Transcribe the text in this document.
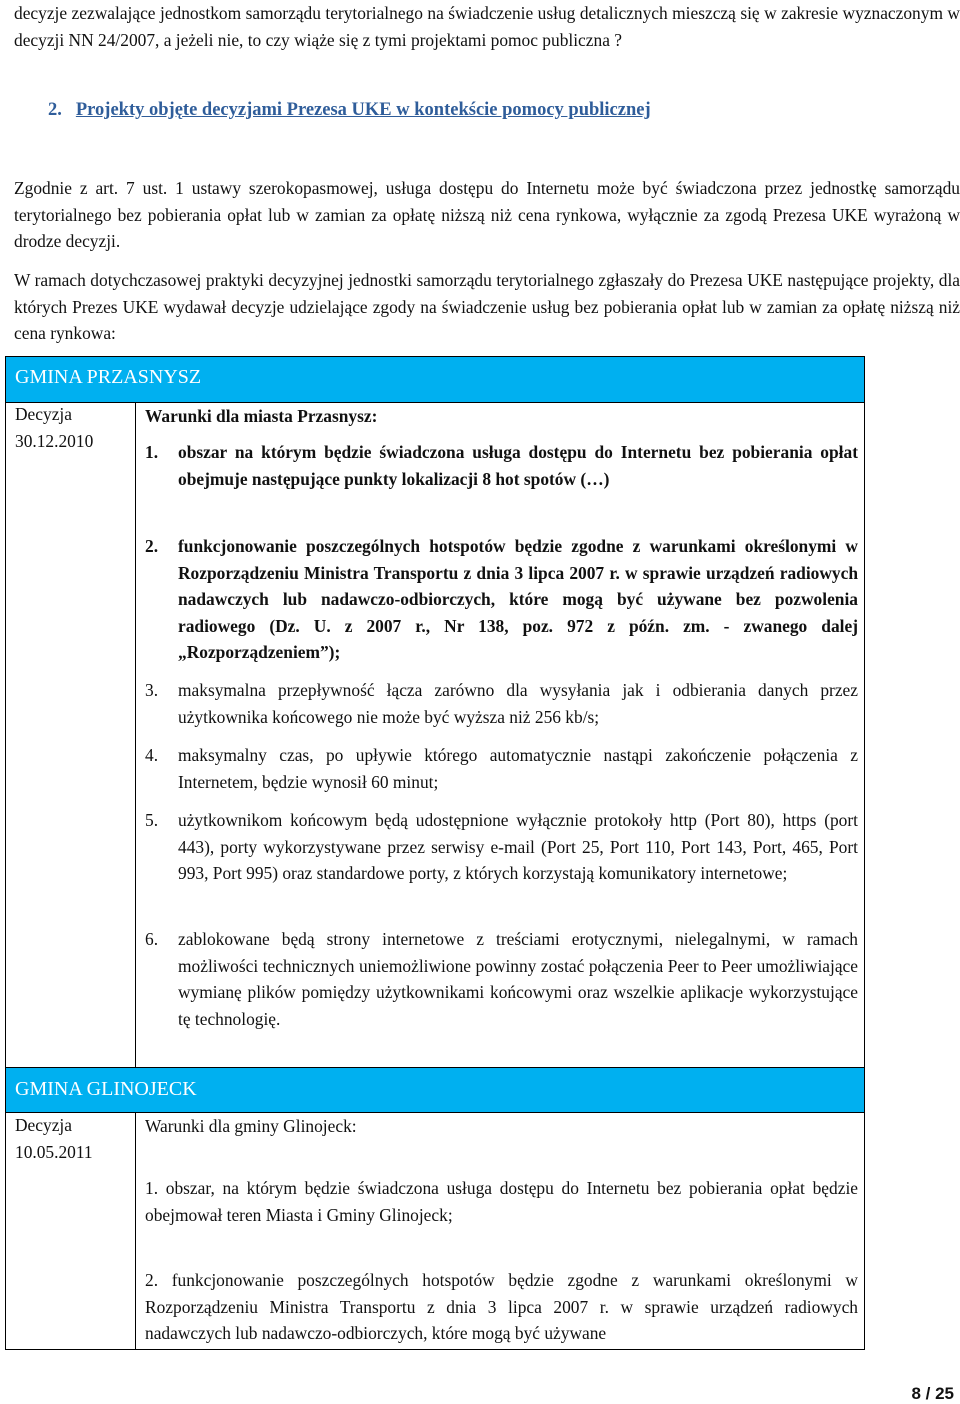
decyzje zezwalające jednostkom samorządu terytorialnego na świadczenie usług detalicznych mieszczą się w zakresie wyznaczonym w decyzji NN 24/2007, a jeżeli nie, to czy wiąże się z tymi projektami pomoc publiczna ?

2. Projekty objęte decyzjami Prezesa UKE w kontekście pomocy publicznej

Zgodnie z art. 7 ust. 1 ustawy szerokopasmowej, usługa dostępu do Internetu może być świadczona przez jednostkę samorządu terytorialnego bez pobierania opłat lub w zamian za opłatę niższą niż cena rynkowa, wyłącznie za zgodą Prezesa UKE wyrażoną w drodze decyzji.

W ramach dotychczasowej praktyki decyzyjnej jednostki samorządu terytorialnego zgłaszały do Prezesa UKE następujące projekty, dla których Prezes UKE wydawał decyzje udzielające zgody na świadczenie usług bez pobierania opłat lub w zamian za opłatę niższą niż cena rynkowa:

GMINA PRZASNYSZ
Decyzja
30.12.2010

Warunki dla miasta Przasnysz:

1. obszar na którym będzie świadczona usługa dostępu do Internetu bez pobierania opłat obejmuje następujące punkty lokalizacji 8 hot spotów (…)
2. funkcjonowanie poszczególnych hotspotów będzie zgodne z warunkami określonymi w Rozporządzeniu Ministra Transportu z dnia 3 lipca 2007 r. w sprawie urządzeń radiowych nadawczych lub nadawczo-odbiorczych, które mogą być używane bez pozwolenia radiowego (Dz. U. z 2007 r., Nr 138, poz. 972 z późn. zm. - zwanego dalej „Rozporządzeniem”);
3. maksymalna przepływność łącza zarówno dla wysyłania jak i odbierania danych przez użytkownika końcowego nie może być wyższa niż 256 kb/s;
4. maksymalny czas, po upływie którego automatycznie nastąpi zakończenie połączenia z Internetem, będzie wynosił 60 minut;
5. użytkownikom końcowym będą udostępnione wyłącznie protokoły http (Port 80), https (port 443), porty wykorzystywane przez serwisy e-mail (Port 25, Port 110, Port 143, Port, 465, Port 993, Port 995) oraz standardowe porty, z których korzystają komunikatory internetowe;
6. zablokowane będą strony internetowe z treściami erotycznymi, nielegalnymi, w ramach możliwości technicznych uniemożliwione powinny zostać połączenia Peer to Peer umożliwiające wymianę plików pomiędzy użytkownikami końcowymi oraz wszelkie aplikacje wykorzystujące tę technologię.
GMINA GLINOJECK
Decyzja
10.05.2011

Warunki dla gminy Glinojeck:

1. obszar, na którym będzie świadczona usługa dostępu do Internetu bez pobierania opłat będzie obejmował teren Miasta i Gminy Glinojeck;
2. funkcjonowanie poszczególnych hotspotów będzie zgodne z warunkami określonymi w Rozporządzeniu Ministra Transportu z dnia 3 lipca 2007 r. w sprawie urządzeń radiowych nadawczych lub nadawczo-odbiorczych, które mogą być używane
8 / 25
